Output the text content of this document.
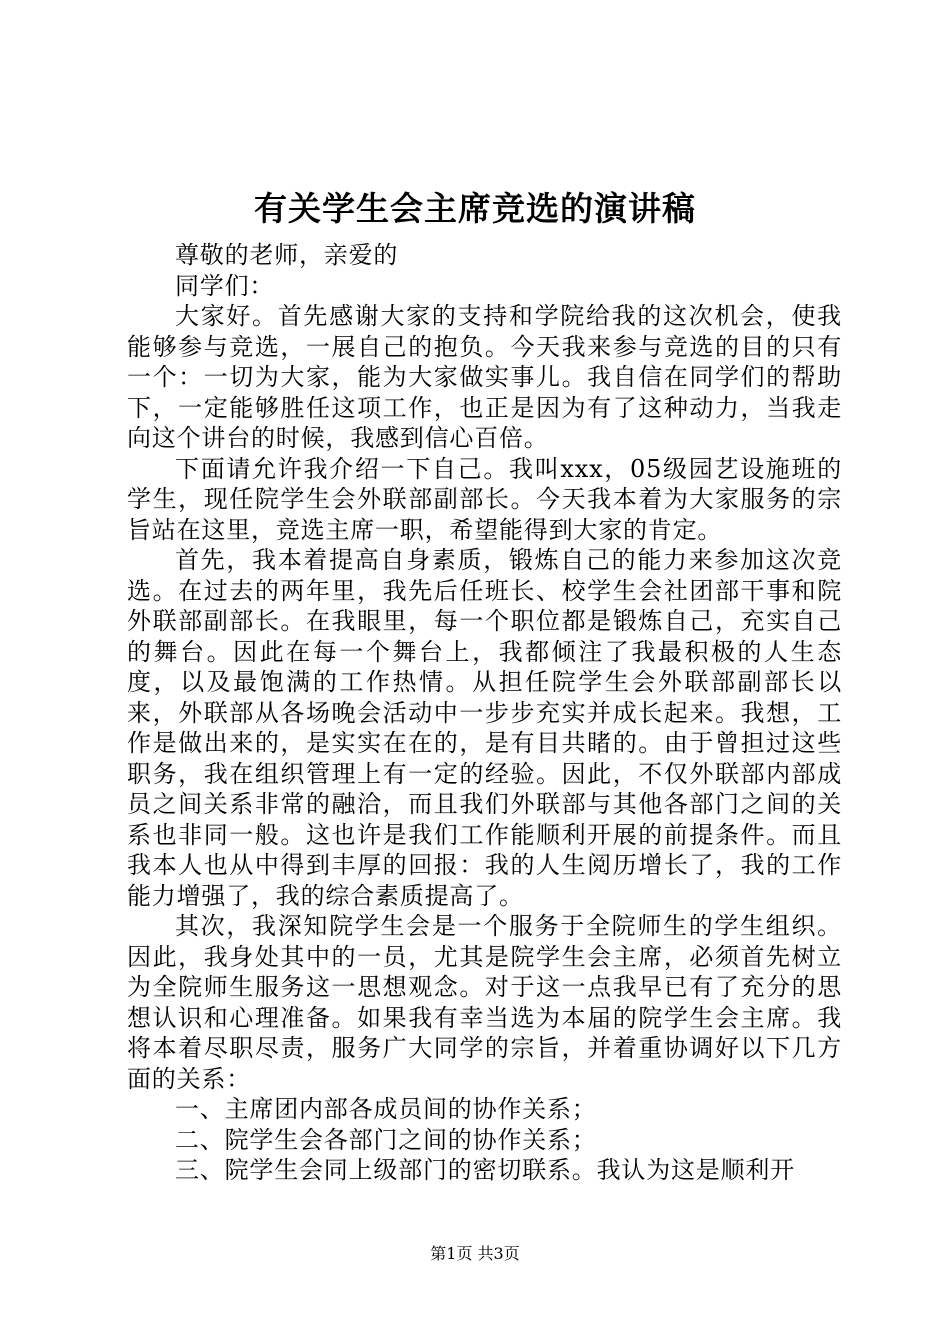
有关学生会主席竞选的演讲稿

尊敬的老师，亲爱的

同学们：

大家好。首先感谢大家的支持和学院给我的这次机会，使我能够参与竞选，一展自己的抱负。今天我来参与竞选的目的只有一个：一切为大家，能为大家做实事儿。我自信在同学们的帮助下，一定能够胜任这项工作，也正是因为有了这种动力，当我走向这个讲台的时候，我感到信心百倍。

下面请允许我介绍一下自己。我叫xxx，05级园艺设施班的学生，现任院学生会外联部副部长。今天我本着为大家服务的宗旨站在这里，竞选主席一职，希望能得到大家的肯定。

首先，我本着提高自身素质，锻炼自己的能力来参加这次竞选。在过去的两年里，我先后任班长、校学生会社团部干事和院外联部副部长。在我眼里，每一个职位都是锻炼自己，充实自己的舞台。因此在每一个舞台上，我都倾注了我最积极的人生态度，以及最饱满的工作热情。从担任院学生会外联部副部长以来，外联部从各场晚会活动中一步步充实并成长起来。我想，工作是做出来的，是实实在在的，是有目共睹的。由于曾担过这些职务，我在组织管理上有一定的经验。因此，不仅外联部内部成员之间关系非常的融洽，而且我们外联部与其他各部门之间的关系也非同一般。这也许是我们工作能顺利开展的前提条件。而且我本人也从中得到丰厚的回报：我的人生阅历增长了，我的工作能力增强了，我的综合素质提高了。

其次，我深知院学生会是一个服务于全院师生的学生组织。因此，我身处其中的一员，尤其是院学生会主席，必须首先树立为全院师生服务这一思想观念。对于这一点我早已有了充分的思想认识和心理准备。如果我有幸当选为本届的院学生会主席。我将本着尽职尽责，服务广大同学的宗旨，并着重协调好以下几方面的关系：

一、主席团内部各成员间的协作关系；

二、院学生会各部门之间的协作关系；

三、院学生会同上级部门的密切联系。我认为这是顺利开

第1页 共3页
